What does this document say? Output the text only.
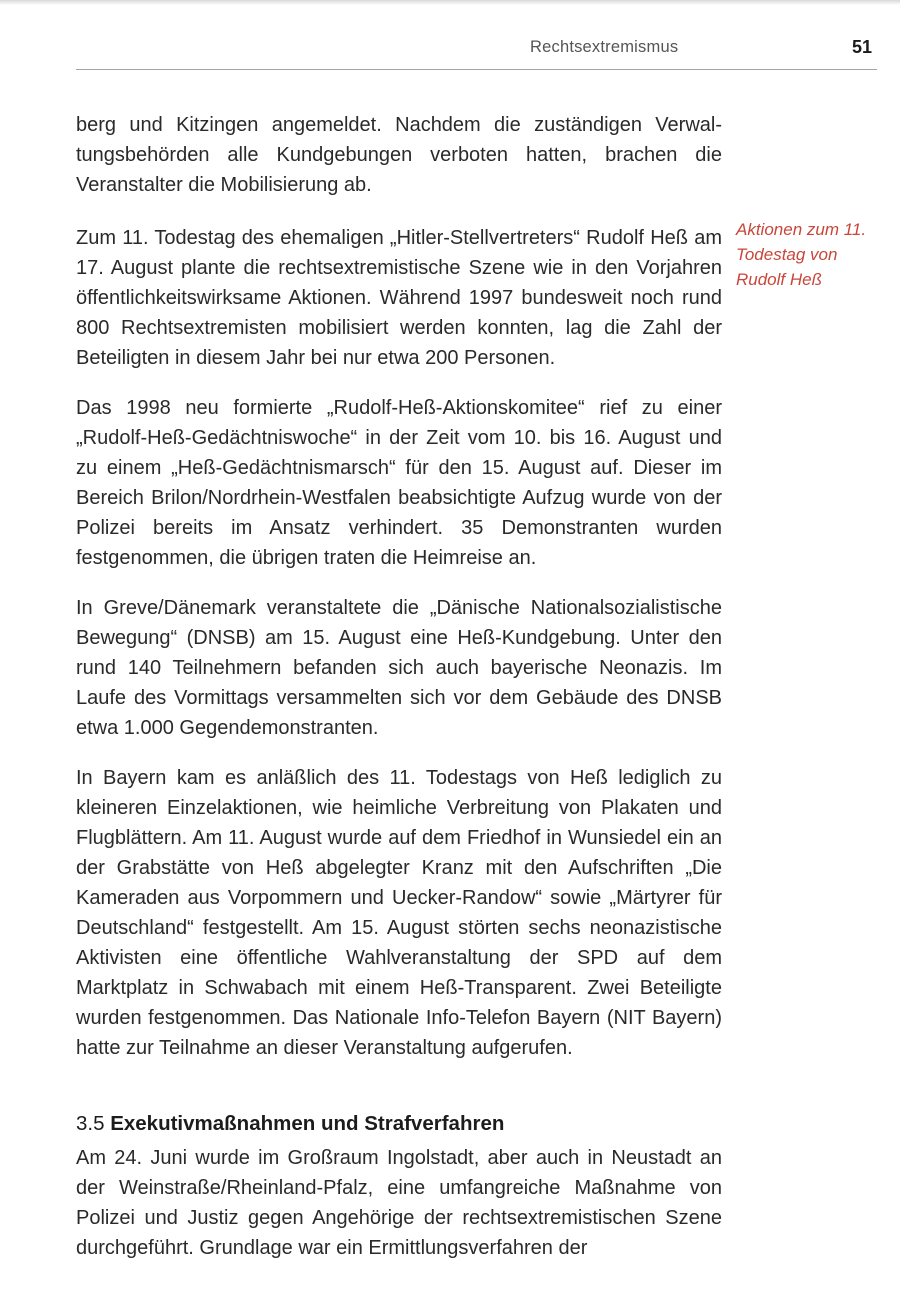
Rechtsextremismus	51
Aktionen zum 11. Todestag von Rudolf Heß

berg und Kitzingen angemeldet. Nachdem die zuständigen Verwaltungsbehörden alle Kundgebungen verboten hatten, brachen die Veranstalter die Mobilisierung ab.

Zum 11. Todestag des ehemaligen „Hitler-Stellvertreters“ Rudolf Heß am 17. August plante die rechtsextremistische Szene wie in den Vorjahren öffentlichkeitswirksame Aktionen. Während 1997 bundesweit noch rund 800 Rechtsextremisten mobilisiert werden konnten, lag die Zahl der Beteiligten in diesem Jahr bei nur etwa 200 Personen.

Das 1998 neu formierte „Rudolf-Heß-Aktionskomitee“ rief zu einer „Rudolf-Heß-Gedächtniswoche“ in der Zeit vom 10. bis 16. August und zu einem „Heß-Gedächtnismarsch“ für den 15. August auf. Dieser im Bereich Brilon/Nordrhein-Westfalen beabsichtigte Aufzug wurde von der Polizei bereits im Ansatz verhindert. 35 Demonstranten wurden festgenommen, die übrigen traten die Heimreise an.

In Greve/Dänemark veranstaltete die „Dänische Nationalsozialistische Bewegung“ (DNSB) am 15. August eine Heß-Kundgebung. Unter den rund 140 Teilnehmern befanden sich auch bayerische Neonazis. Im Laufe des Vormittags versammelten sich vor dem Gebäude des DNSB etwa 1.000 Gegendemonstranten.

In Bayern kam es anläßlich des 11. Todestags von Heß lediglich zu kleineren Einzelaktionen, wie heimliche Verbreitung von Plakaten und Flugblättern. Am 11. August wurde auf dem Friedhof in Wunsiedel ein an der Grabstätte von Heß abgelegter Kranz mit den Aufschriften „Die Kameraden aus Vorpommern und Uecker-Randow“ sowie „Märtyrer für Deutschland“ festgestellt. Am 15. August störten sechs neonazistische Aktivisten eine öffentliche Wahlveranstaltung der SPD auf dem Marktplatz in Schwabach mit einem Heß-Transparent. Zwei Beteiligte wurden festgenommen. Das Nationale Info-Telefon Bayern (NIT Bayern) hatte zur Teilnahme an dieser Veranstaltung aufgerufen.

3.5 Exekutivmaßnahmen und Strafverfahren

Am 24. Juni wurde im Großraum Ingolstadt, aber auch in Neustadt an der Weinstraße/Rheinland-Pfalz, eine umfangreiche Maßnahme von Polizei und Justiz gegen Angehörige der rechtsextremistischen Szene durchgeführt. Grundlage war ein Ermittlungsverfahren der
